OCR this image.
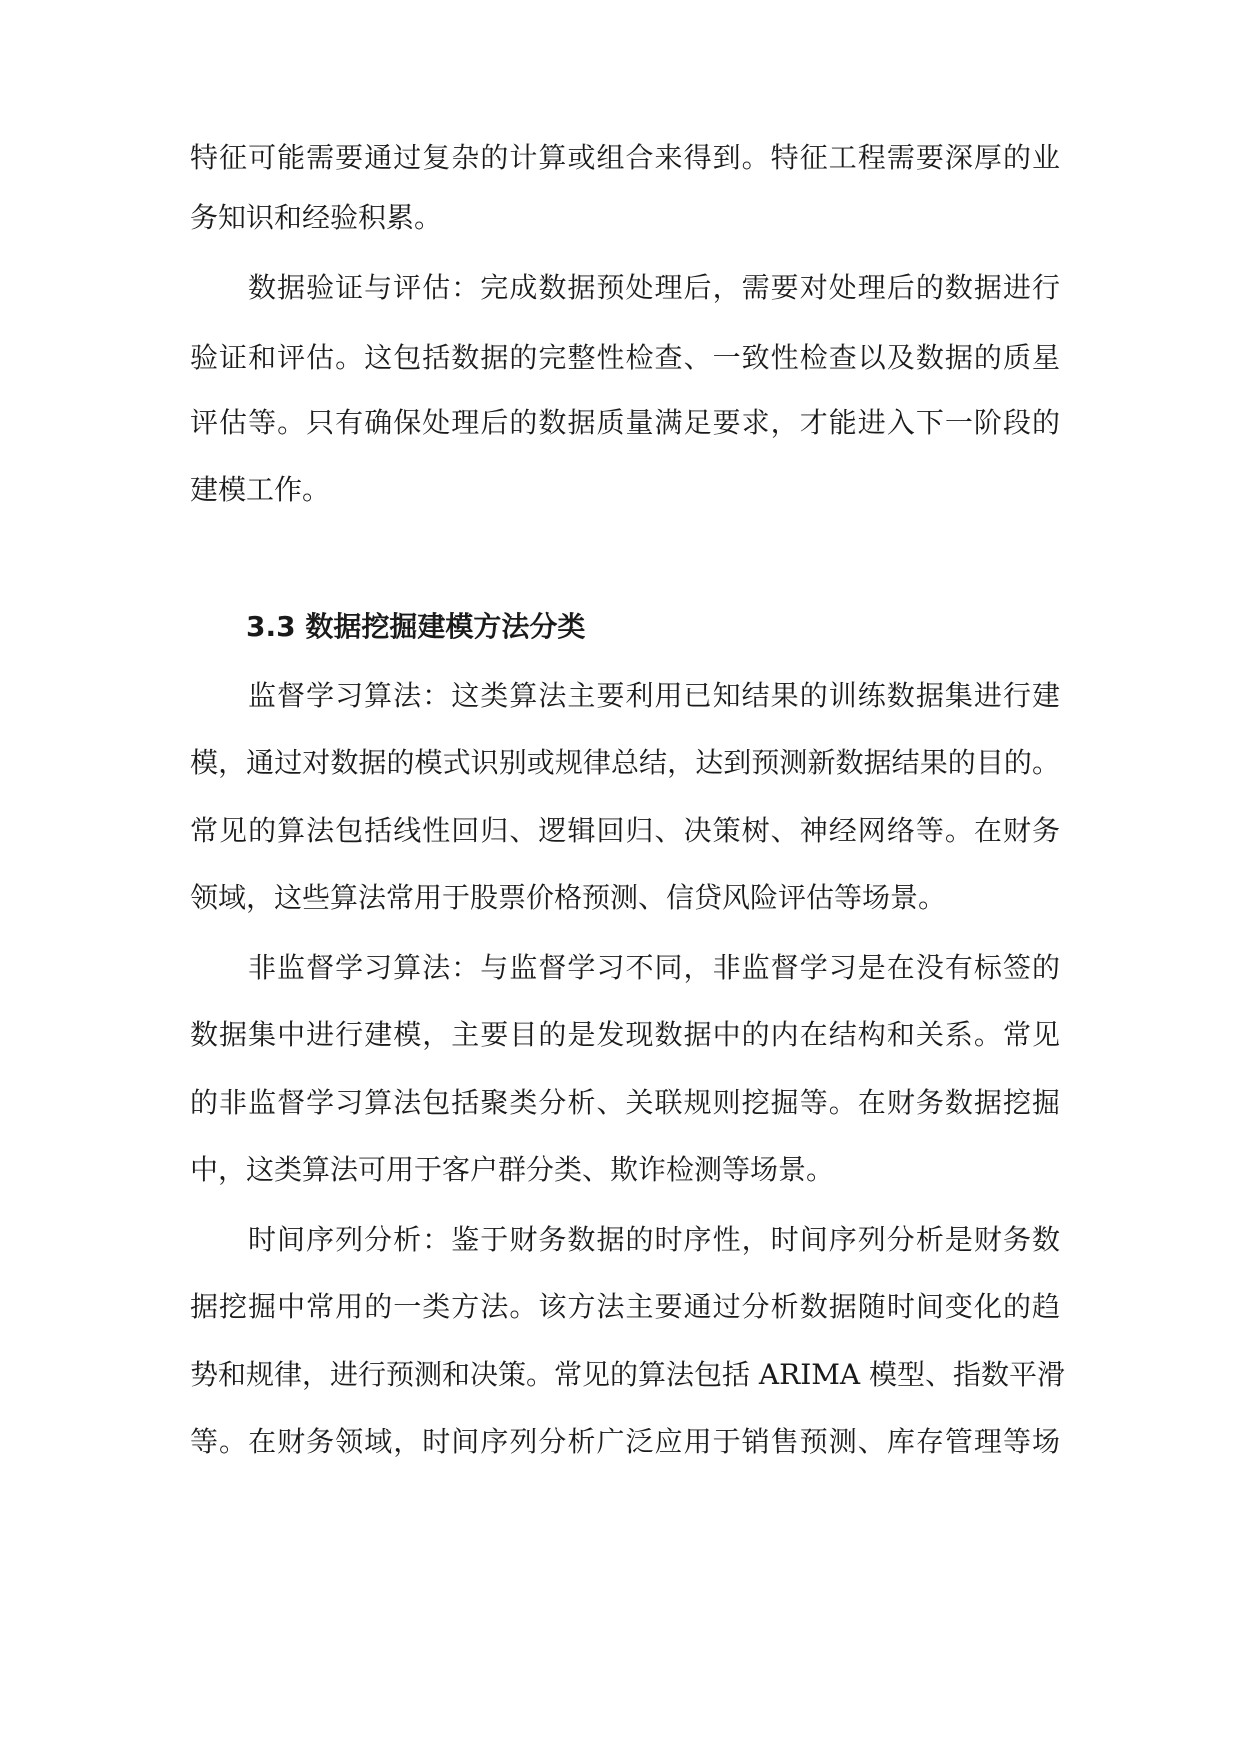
特征可能需要通过复杂的计算或组合来得到。特征工程需要深厚的业
务知识和经验积累。
数据验证与评估：完成数据预处理后，需要对处理后的数据进行
验证和评估。这包括数据的完整性检查、一致性检查以及数据的质星
评估等。只有确保处理后的数据质量满足要求，才能进入下一阶段的
建模工作。
3.3 数据挖掘建模方法分类
监督学习算法：这类算法主要利用已知结果的训练数据集进行建
模，通过对数据的模式识别或规律总结，达到预测新数据结果的目的。
常见的算法包括线性回归、逻辑回归、决策树、神经网络等。在财务
领域，这些算法常用于股票价格预测、信贷风险评估等场景。
非监督学习算法：与监督学习不同，非监督学习是在没有标签的
数据集中进行建模，主要目的是发现数据中的内在结构和关系。常见
的非监督学习算法包括聚类分析、关联规则挖掘等。在财务数据挖掘
中，这类算法可用于客户群分类、欺诈检测等场景。
时间序列分析：鉴于财务数据的时序性，时间序列分析是财务数
据挖掘中常用的一类方法。该方法主要通过分析数据随时间变化的趋
势和规律，进行预测和决策。常见的算法包括 ARIMA 模型、指数平滑
等。在财务领域，时间序列分析广泛应用于销售预测、库存管理等场
